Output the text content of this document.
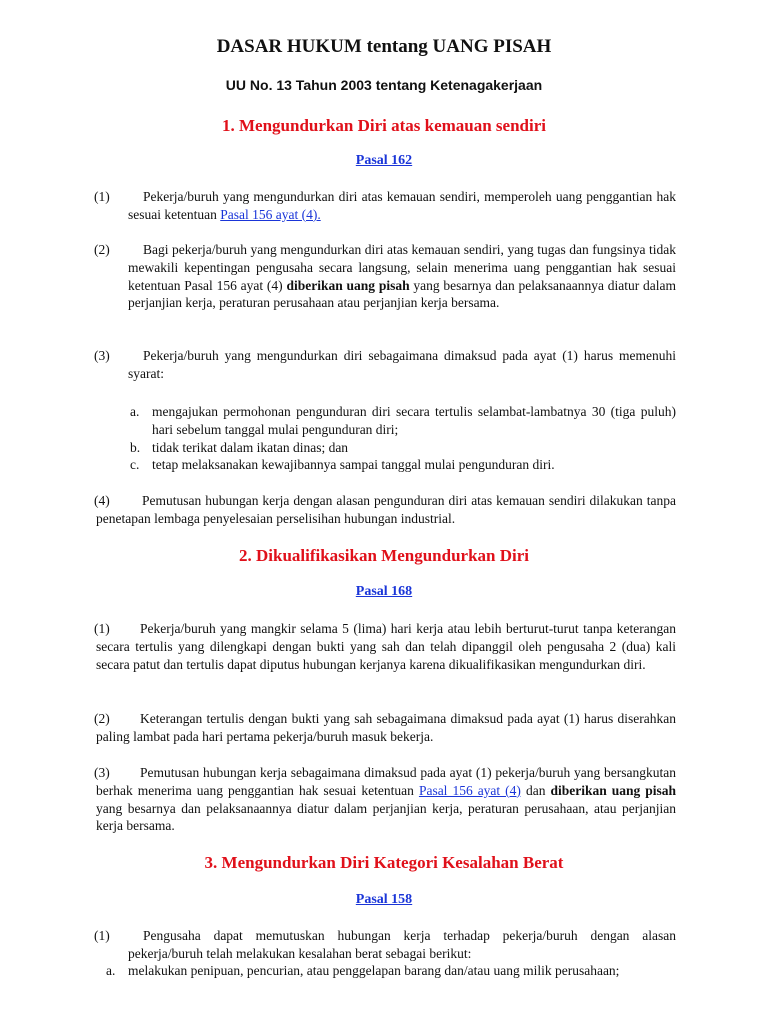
DASAR HUKUM tentang UANG PISAH
UU No. 13 Tahun 2003 tentang Ketenagakerjaan
1. Mengundurkan Diri atas kemauan sendiri
Pasal 162
(1)	Pekerja/buruh yang mengundurkan diri atas kemauan sendiri, memperoleh uang penggantian hak sesuai ketentuan Pasal 156 ayat (4).
(2)	Bagi pekerja/buruh yang mengundurkan diri atas kemauan sendiri, yang tugas dan fungsinya tidak mewakili kepentingan pengusaha secara langsung, selain menerima uang penggantian hak sesuai ketentuan Pasal 156 ayat (4) diberikan uang pisah yang besarnya dan pelaksanaannya diatur dalam perjanjian kerja, peraturan perusahaan atau perjanjian kerja bersama.
(3)	Pekerja/buruh yang mengundurkan diri sebagaimana dimaksud pada ayat (1) harus memenuhi syarat:
a. mengajukan permohonan pengunduran diri secara tertulis selambat-lambatnya 30 (tiga puluh) hari sebelum tanggal mulai pengunduran diri;
b. tidak terikat dalam ikatan dinas; dan
c. tetap melaksanakan kewajibannya sampai tanggal mulai pengunduran diri.
(4)	Pemutusan hubungan kerja dengan alasan pengunduran diri atas kemauan sendiri dilakukan tanpa penetapan lembaga penyelesaian perselisihan hubungan industrial.
2. Dikualifikasikan Mengundurkan Diri
Pasal 168
(1)	Pekerja/buruh yang mangkir selama 5 (lima) hari kerja atau lebih berturut-turut tanpa keterangan secara tertulis yang dilengkapi dengan bukti yang sah dan telah dipanggil oleh pengusaha 2 (dua) kali secara patut dan tertulis dapat diputus hubungan kerjanya karena dikualifikasikan mengundurkan diri.
(2)	Keterangan tertulis dengan bukti yang sah sebagaimana dimaksud pada ayat (1) harus diserahkan paling lambat pada hari pertama pekerja/buruh masuk bekerja.
(3)	Pemutusan hubungan kerja sebagaimana dimaksud pada ayat (1) pekerja/buruh yang bersangkutan berhak menerima uang penggantian hak sesuai ketentuan Pasal 156 ayat (4) dan diberikan uang pisah yang besarnya dan pelaksanaannya diatur dalam perjanjian kerja, peraturan perusahaan, atau perjanjian kerja bersama.
3. Mengundurkan Diri Kategori Kesalahan Berat
Pasal 158
(1)	Pengusaha dapat memutuskan hubungan kerja terhadap pekerja/buruh dengan alasan pekerja/buruh telah melakukan kesalahan berat sebagai berikut:
a. melakukan penipuan, pencurian, atau penggelapan barang dan/atau uang milik perusahaan;
